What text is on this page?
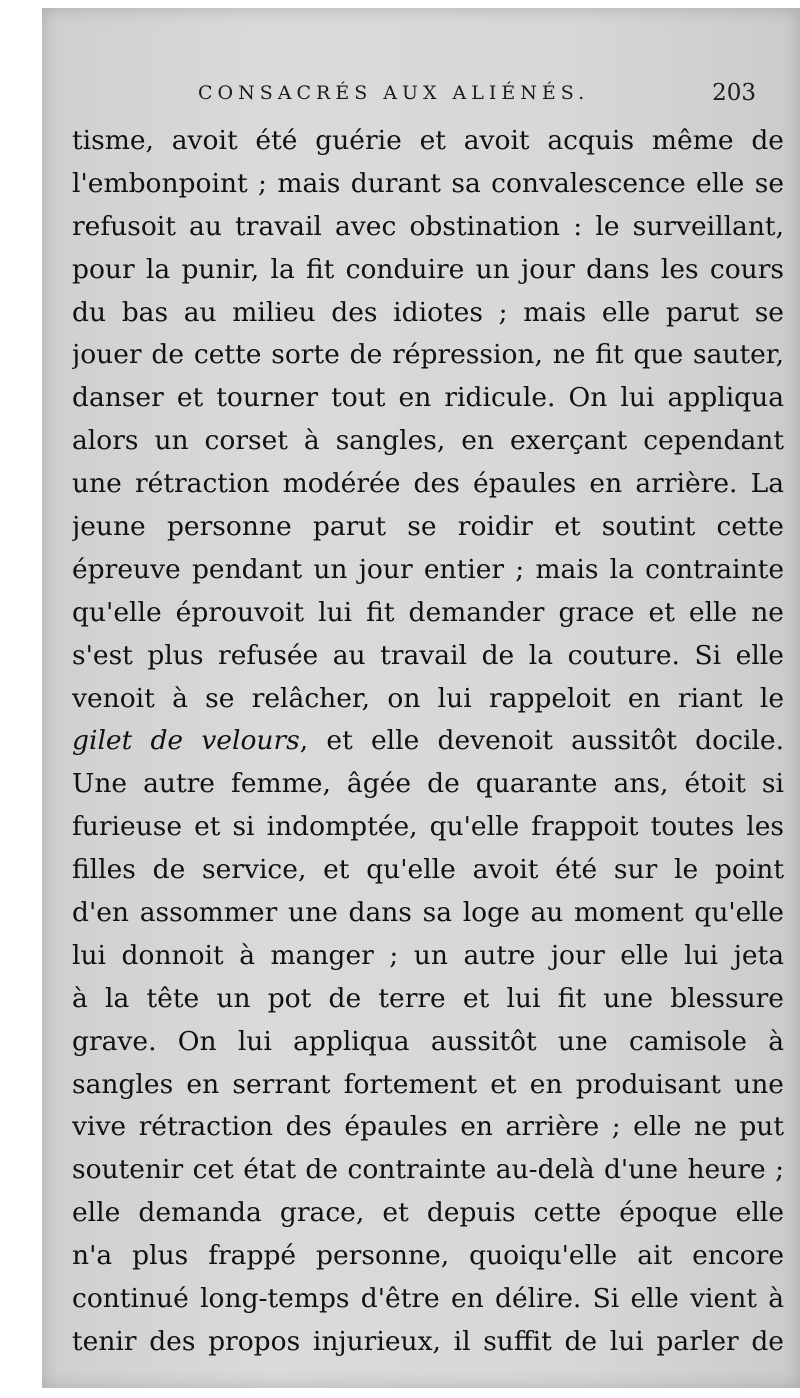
CONSACRÉS AUX ALIÉNÉS.	203
tisme, avoit été guérie et avoit acquis même de
l'embonpoint ; mais durant sa convalescence elle se
refusoit au travail avec obstination : le surveillant,
pour la punir, la fit conduire un jour dans les cours
du bas au milieu des idiotes ; mais elle parut se
jouer de cette sorte de répression, ne fit que sauter,
danser et tourner tout en ridicule. On lui appliqua
alors un corset à sangles, en exerçant cependant
une rétraction modérée des épaules en arrière. La
jeune personne parut se roidir et soutint cette
épreuve pendant un jour entier ; mais la contrainte
qu'elle éprouvoit lui fit demander grace et elle ne
s'est plus refusée au travail de la couture. Si elle
venoit à se relâcher, on lui rappeloit en riant le
gilet de velours, et elle devenoit aussitôt docile.
Une autre femme, âgée de quarante ans, étoit si
furieuse et si indomptée, qu'elle frappoit toutes les
filles de service, et qu'elle avoit été sur le point
d'en assommer une dans sa loge au moment qu'elle
lui donnoit à manger ; un autre jour elle lui jeta
à la tête un pot de terre et lui fit une blessure
grave. On lui appliqua aussitôt une camisole à
sangles en serrant fortement et en produisant une
vive rétraction des épaules en arrière ; elle ne put
soutenir cet état de contrainte au-delà d'une heure ;
elle demanda grace, et depuis cette époque elle
n'a plus frappé personne, quoiqu'elle ait encore
continué long-temps d'être en délire. Si elle vient à
tenir des propos injurieux, il suffit de lui parler de
